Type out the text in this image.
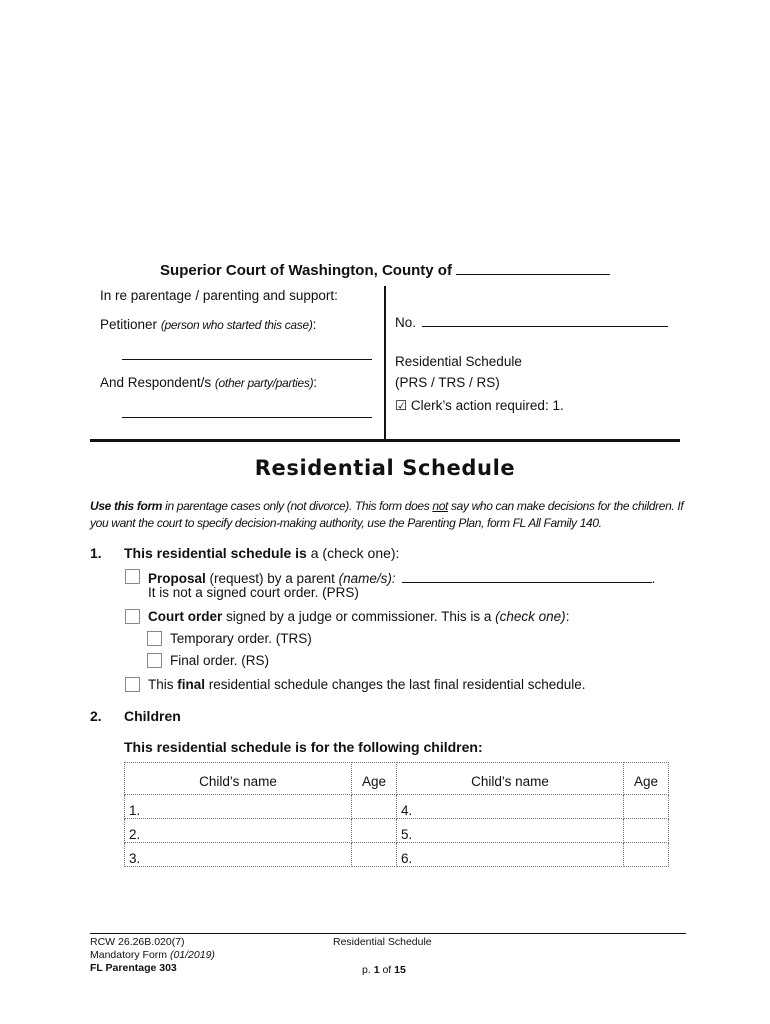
Superior Court of Washington, County of
In re parentage / parenting and support:
Petitioner (person who started this case):
And Respondent/s (other party/parties):
No.
Residential Schedule
(PRS / TRS / RS)
☑ Clerk’s action required: 1.
Residential Schedule
Use this form in parentage cases only (not divorce). This form does not say who can make decisions for the children. If you want the court to specify decision-making authority, use the Parenting Plan, form FL All Family 140.
1. This residential schedule is a (check one):
Proposal (request) by a parent (name/s):	.
It is not a signed court order. (PRS)
Court order signed by a judge or commissioner. This is a (check one):
Temporary order. (TRS)
Final order. (RS)
This final residential schedule changes the last final residential schedule.
2. Children
This residential schedule is for the following children:
Child’s name	Age	Child’s name	Age
1.		4.	
2.		5.	
3.		6.	
RCW 26.26B.020(7)
Mandatory Form (01/2019)
FL Parentage 303
Residential Schedule
p. 1 of 15
